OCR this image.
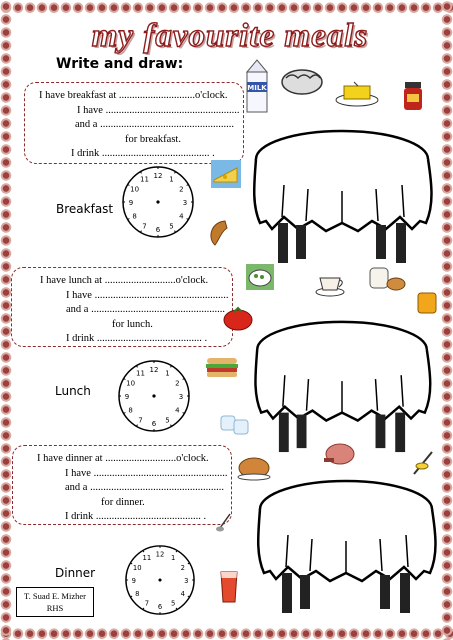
my favourite meals
Write and draw:
I have breakfast at .............................o'clock.
I have ...................................................
and a ...................................................
for breakfast.
I drink ......................................... .
Breakfast
12 1
2
3
4
5
6
7
8
9
10
11
I have lunch at ...........................o'clock.
I have ...................................................
and a ...................................................
for lunch.
I drink ........................................ .
Lunch
12 1
2
3
4
5
6
7
8
9
10
11
I have dinner at ...........................o'clock.
I have ...................................................
and a ...................................................
for dinner.
I drink ........................................ .
Dinner
12 1
2
3
4
5
6
7
8
9
10
11
MILK
T. Suad E. Mizher
RHS
